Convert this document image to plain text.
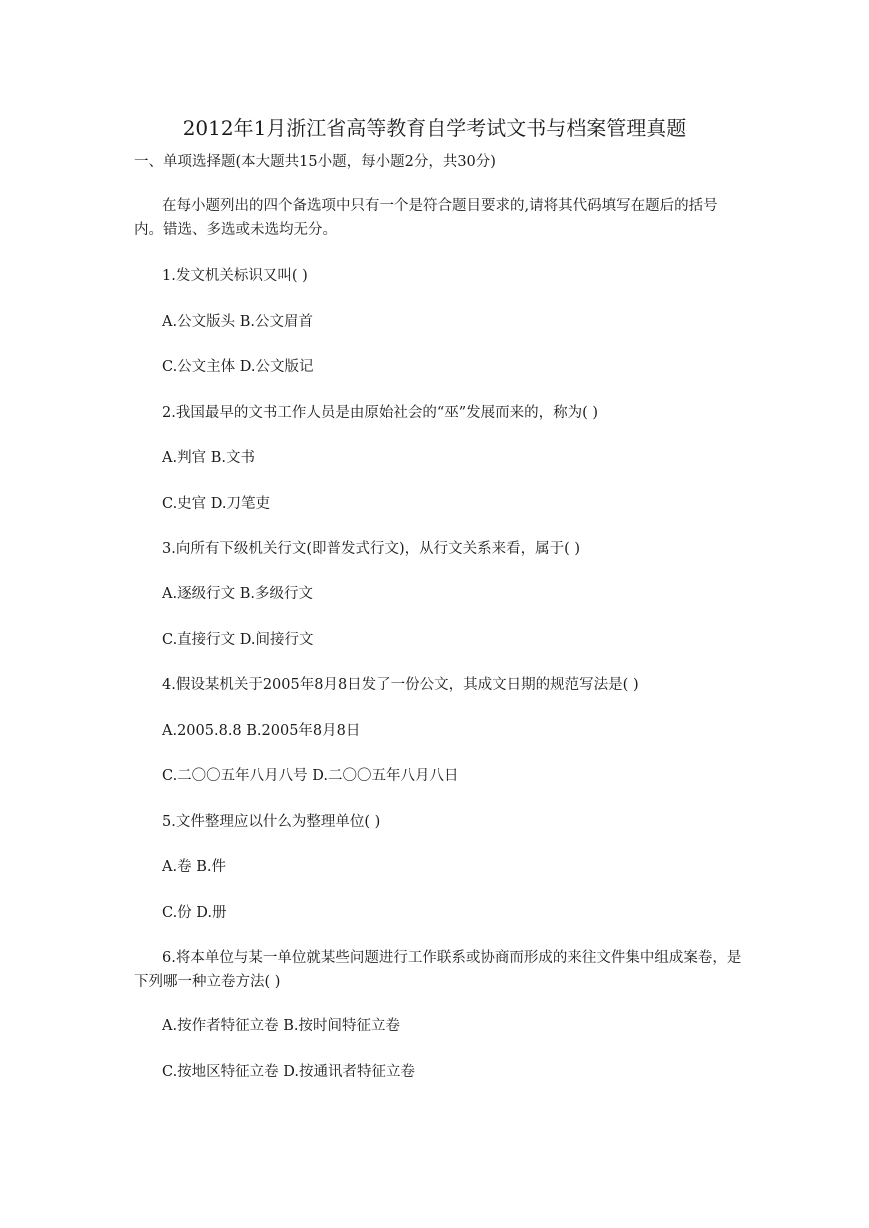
2012年1月浙江省高等教育自学考试文书与档案管理真题

一、单项选择题(本大题共15小题，每小题2分，共30分)

在每小题列出的四个备选项中只有一个是符合题目要求的,请将其代码填写在题后的括号内。错选、多选或未选均无分。

1.发文机关标识又叫( )

A.公文版头 B.公文眉首

C.公文主体 D.公文版记

2.我国最早的文书工作人员是由原始社会的“巫”发展而来的，称为( )

A.判官 B.文书

C.史官 D.刀笔吏

3.向所有下级机关行文(即普发式行文)，从行文关系来看，属于( )

A.逐级行文 B.多级行文

C.直接行文 D.间接行文

4.假设某机关于2005年8月8日发了一份公文，其成文日期的规范写法是( )

A.2005.8.8 B.2005年8月8日

C.二〇〇五年八月八号 D.二〇〇五年八月八日

5.文件整理应以什么为整理单位( )

A.卷 B.件

C.份 D.册

6.将本单位与某一单位就某些问题进行工作联系或协商而形成的来往文件集中组成案卷，是下列哪一种立卷方法( )

A.按作者特征立卷 B.按时间特征立卷

C.按地区特征立卷 D.按通讯者特征立卷
